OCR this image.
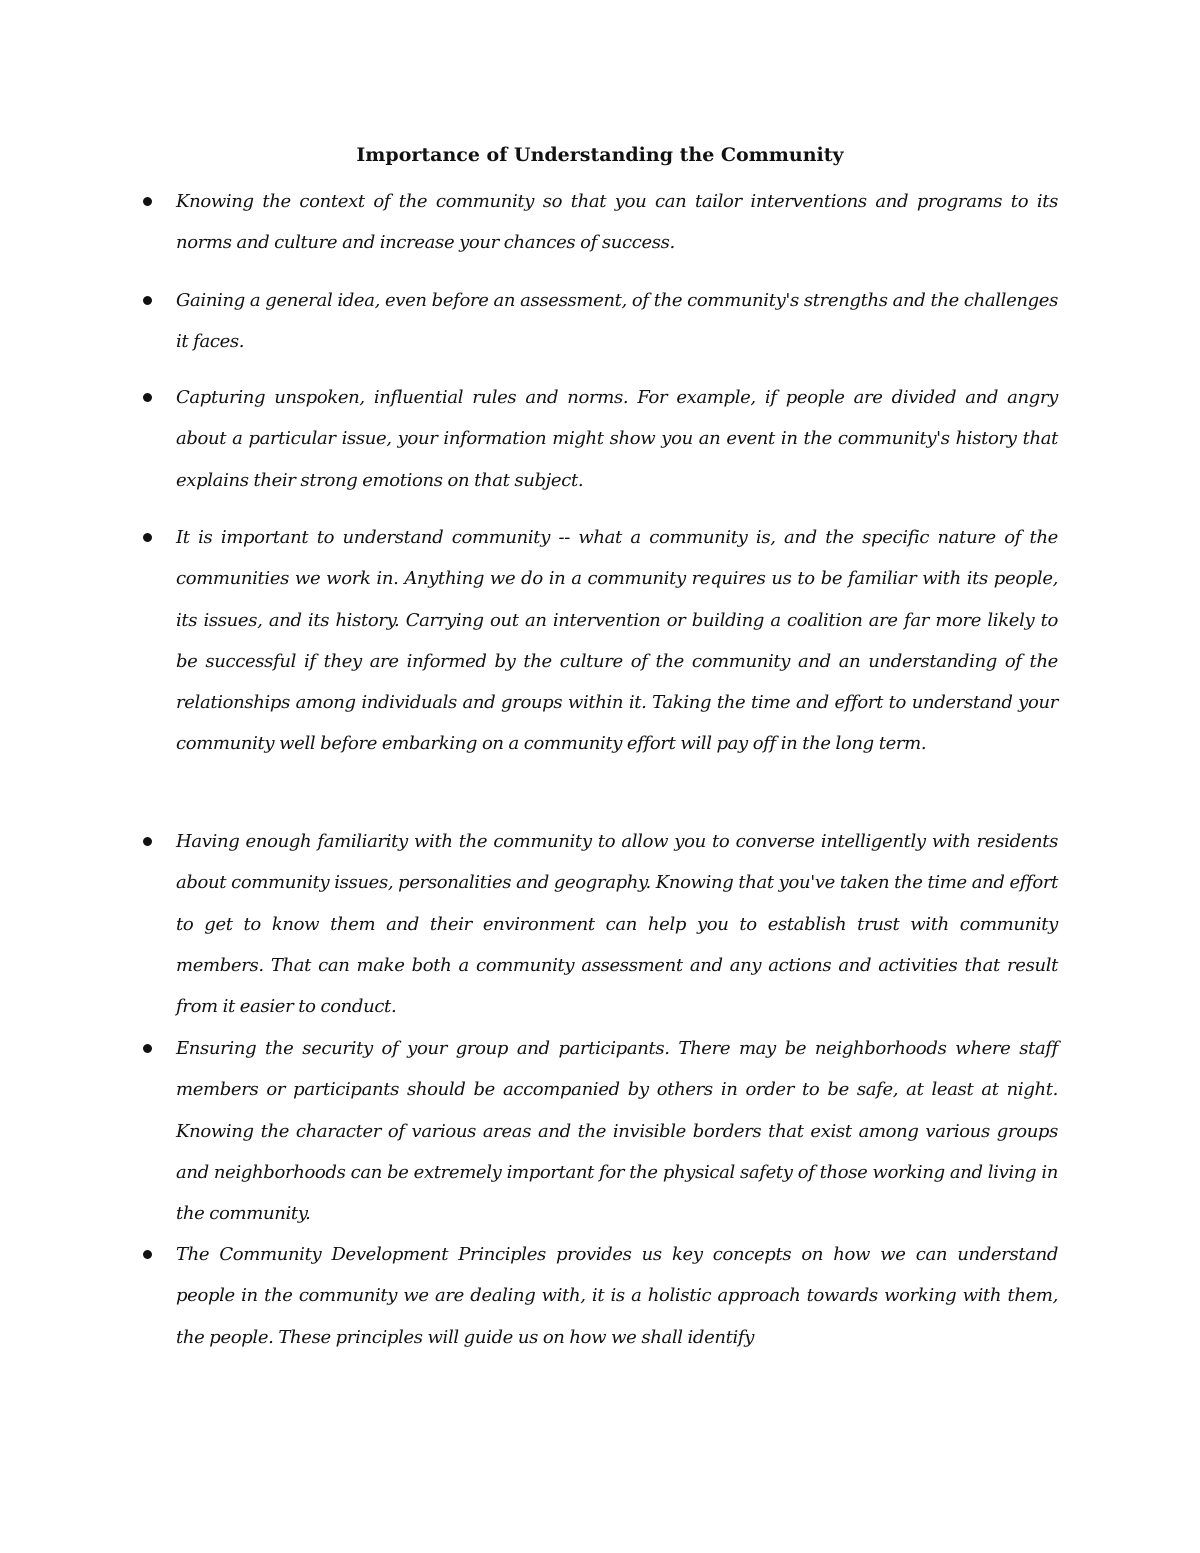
Importance of Understanding the Community
Knowing the context of the community so that you can tailor interventions and programs to its norms and culture and increase your chances of success.
Gaining a general idea, even before an assessment, of the community's strengths and the challenges it faces.
Capturing unspoken, influential rules and norms. For example, if people are divided and angry about a particular issue, your information might show you an event in the community's history that explains their strong emotions on that subject.
It is important to understand community -- what a community is, and the specific nature of the communities we work in. Anything we do in a community requires us to be familiar with its people, its issues, and its history. Carrying out an intervention or building a coalition are far more likely to be successful if they are informed by the culture of the community and an understanding of the relationships among individuals and groups within it. Taking the time and effort to understand your community well before embarking on a community effort will pay off in the long term.
Having enough familiarity with the community to allow you to converse intelligently with residents about community issues, personalities and geography. Knowing that you've taken the time and effort to get to know them and their environment can help you to establish trust with community members. That can make both a community assessment and any actions and activities that result from it easier to conduct.
Ensuring the security of your group and participants. There may be neighborhoods where staff members or participants should be accompanied by others in order to be safe, at least at night. Knowing the character of various areas and the invisible borders that exist among various groups and neighborhoods can be extremely important for the physical safety of those working and living in the community.
The Community Development Principles provides us key concepts on how we can understand people in the community we are dealing with, it is a holistic approach towards working with them, the people. These principles will guide us on how we shall identify
